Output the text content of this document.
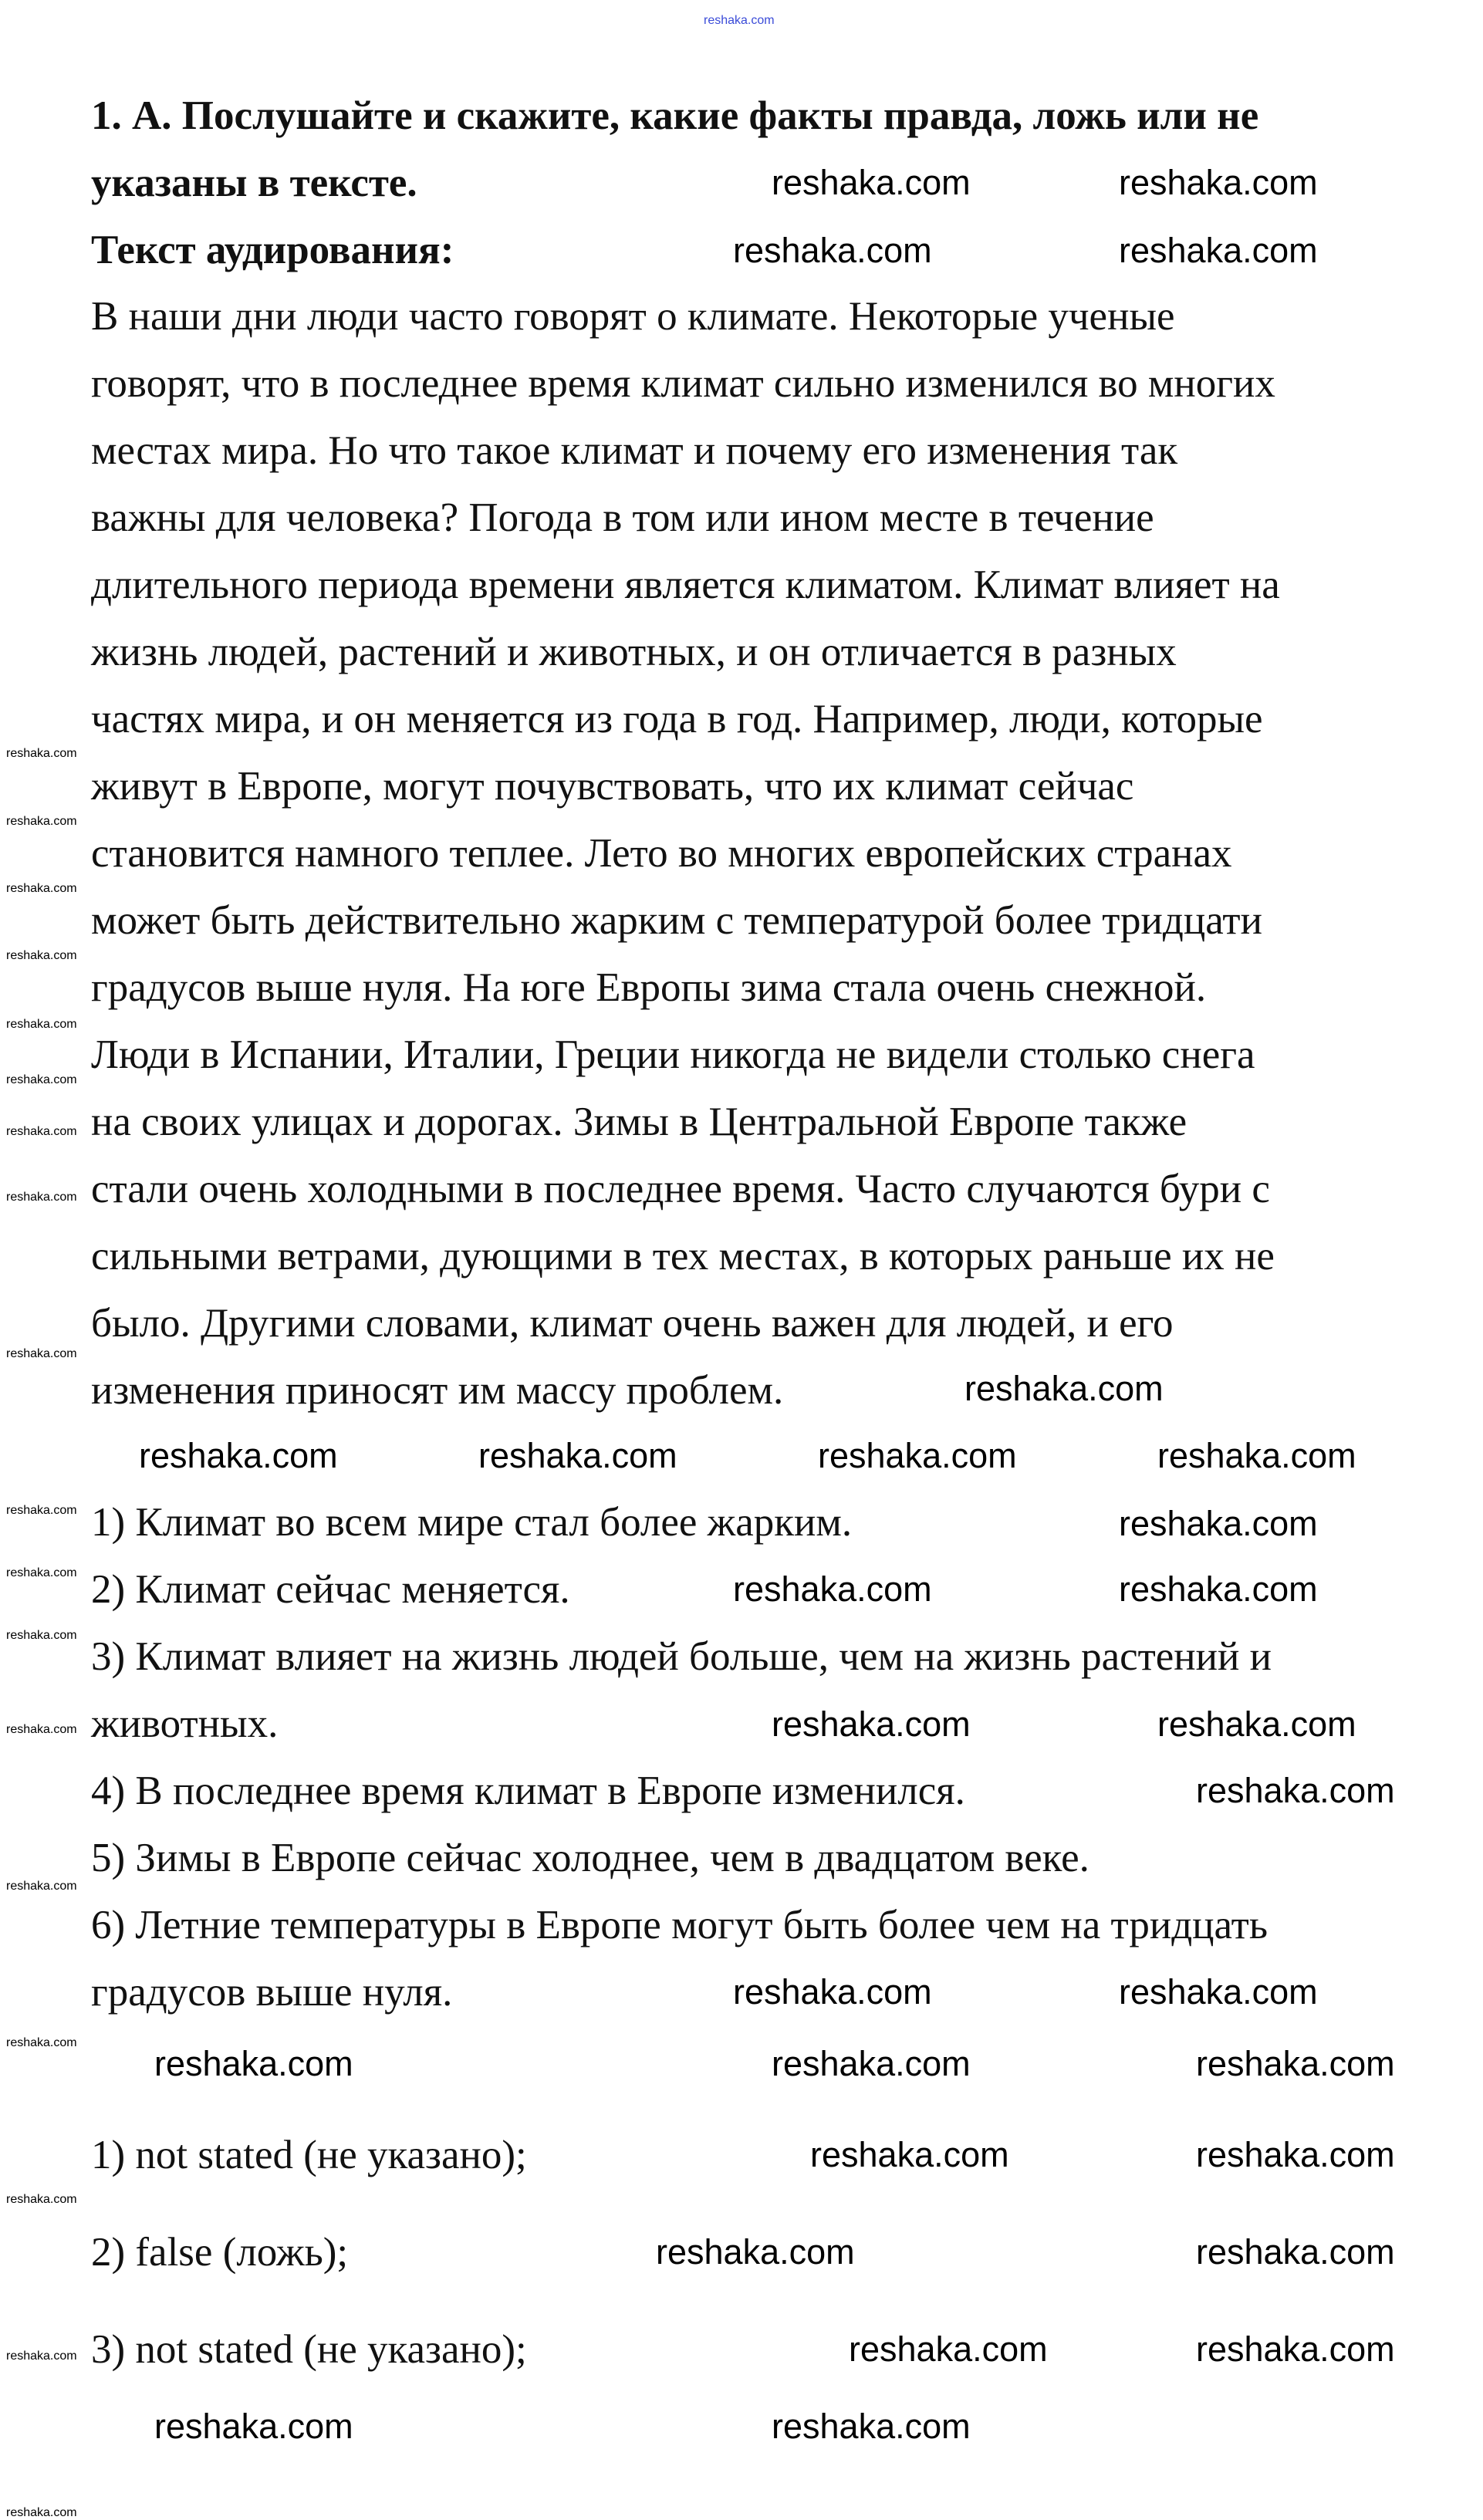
reshaka.com
1. А. Послушайте и скажите, какие факты правда, ложь или не
указаны в тексте.
Текст аудирования:
В наши дни люди часто говорят о климате. Некоторые ученые
говорят, что в последнее время климат сильно изменился во многих
местах мира. Но что такое климат и почему его изменения так
важны для человека? Погода в том или ином месте в течение
длительного периода времени является климатом. Климат влияет на
жизнь людей, растений и животных, и он отличается в разных
частях мира, и он меняется из года в год. Например, люди, которые
живут в Европе, могут почувствовать, что их климат сейчас
становится намного теплее. Лето во многих европейских странах
может быть действительно жарким с температурой более тридцати
градусов выше нуля. На юге Европы зима стала очень снежной.
Люди в Испании, Италии, Греции никогда не видели столько снега
на своих улицах и дорогах. Зимы в Центральной Европе также
стали очень холодными в последнее время. Часто случаются бури с
сильными ветрами, дующими в тех местах, в которых раньше их не
было. Другими словами, климат очень важен для людей, и его
изменения приносят им массу проблем.
1) Климат во всем мире стал более жарким.
2) Климат сейчас меняется.
3) Климат влияет на жизнь людей больше, чем на жизнь растений и
животных.
4) В последнее время климат в Европе изменился.
5) Зимы в Европе сейчас холоднее, чем в двадцатом веке.
6) Летние температуры в Европе могут быть более чем на тридцать
градусов выше нуля.
1) not stated (не указано);
2) false (ложь);
3) not stated (не указано);
reshaka.com	reshaka.com
reshaka.com	reshaka.com
reshaka.com
reshaka.com	reshaka.com	reshaka.com	reshaka.com
reshaka.com
reshaka.com	reshaka.com
reshaka.com	reshaka.com
reshaka.com
reshaka.com	reshaka.com
reshaka.com	reshaka.com	reshaka.com
reshaka.com	reshaka.com
reshaka.com	reshaka.com
reshaka.com	reshaka.com
reshaka.com	reshaka.com
reshaka.com
reshaka.com
reshaka.com
reshaka.com
reshaka.com
reshaka.com
reshaka.com
reshaka.com
reshaka.com
reshaka.com
reshaka.com
reshaka.com
reshaka.com
reshaka.com
reshaka.com
reshaka.com
reshaka.com
reshaka.com
